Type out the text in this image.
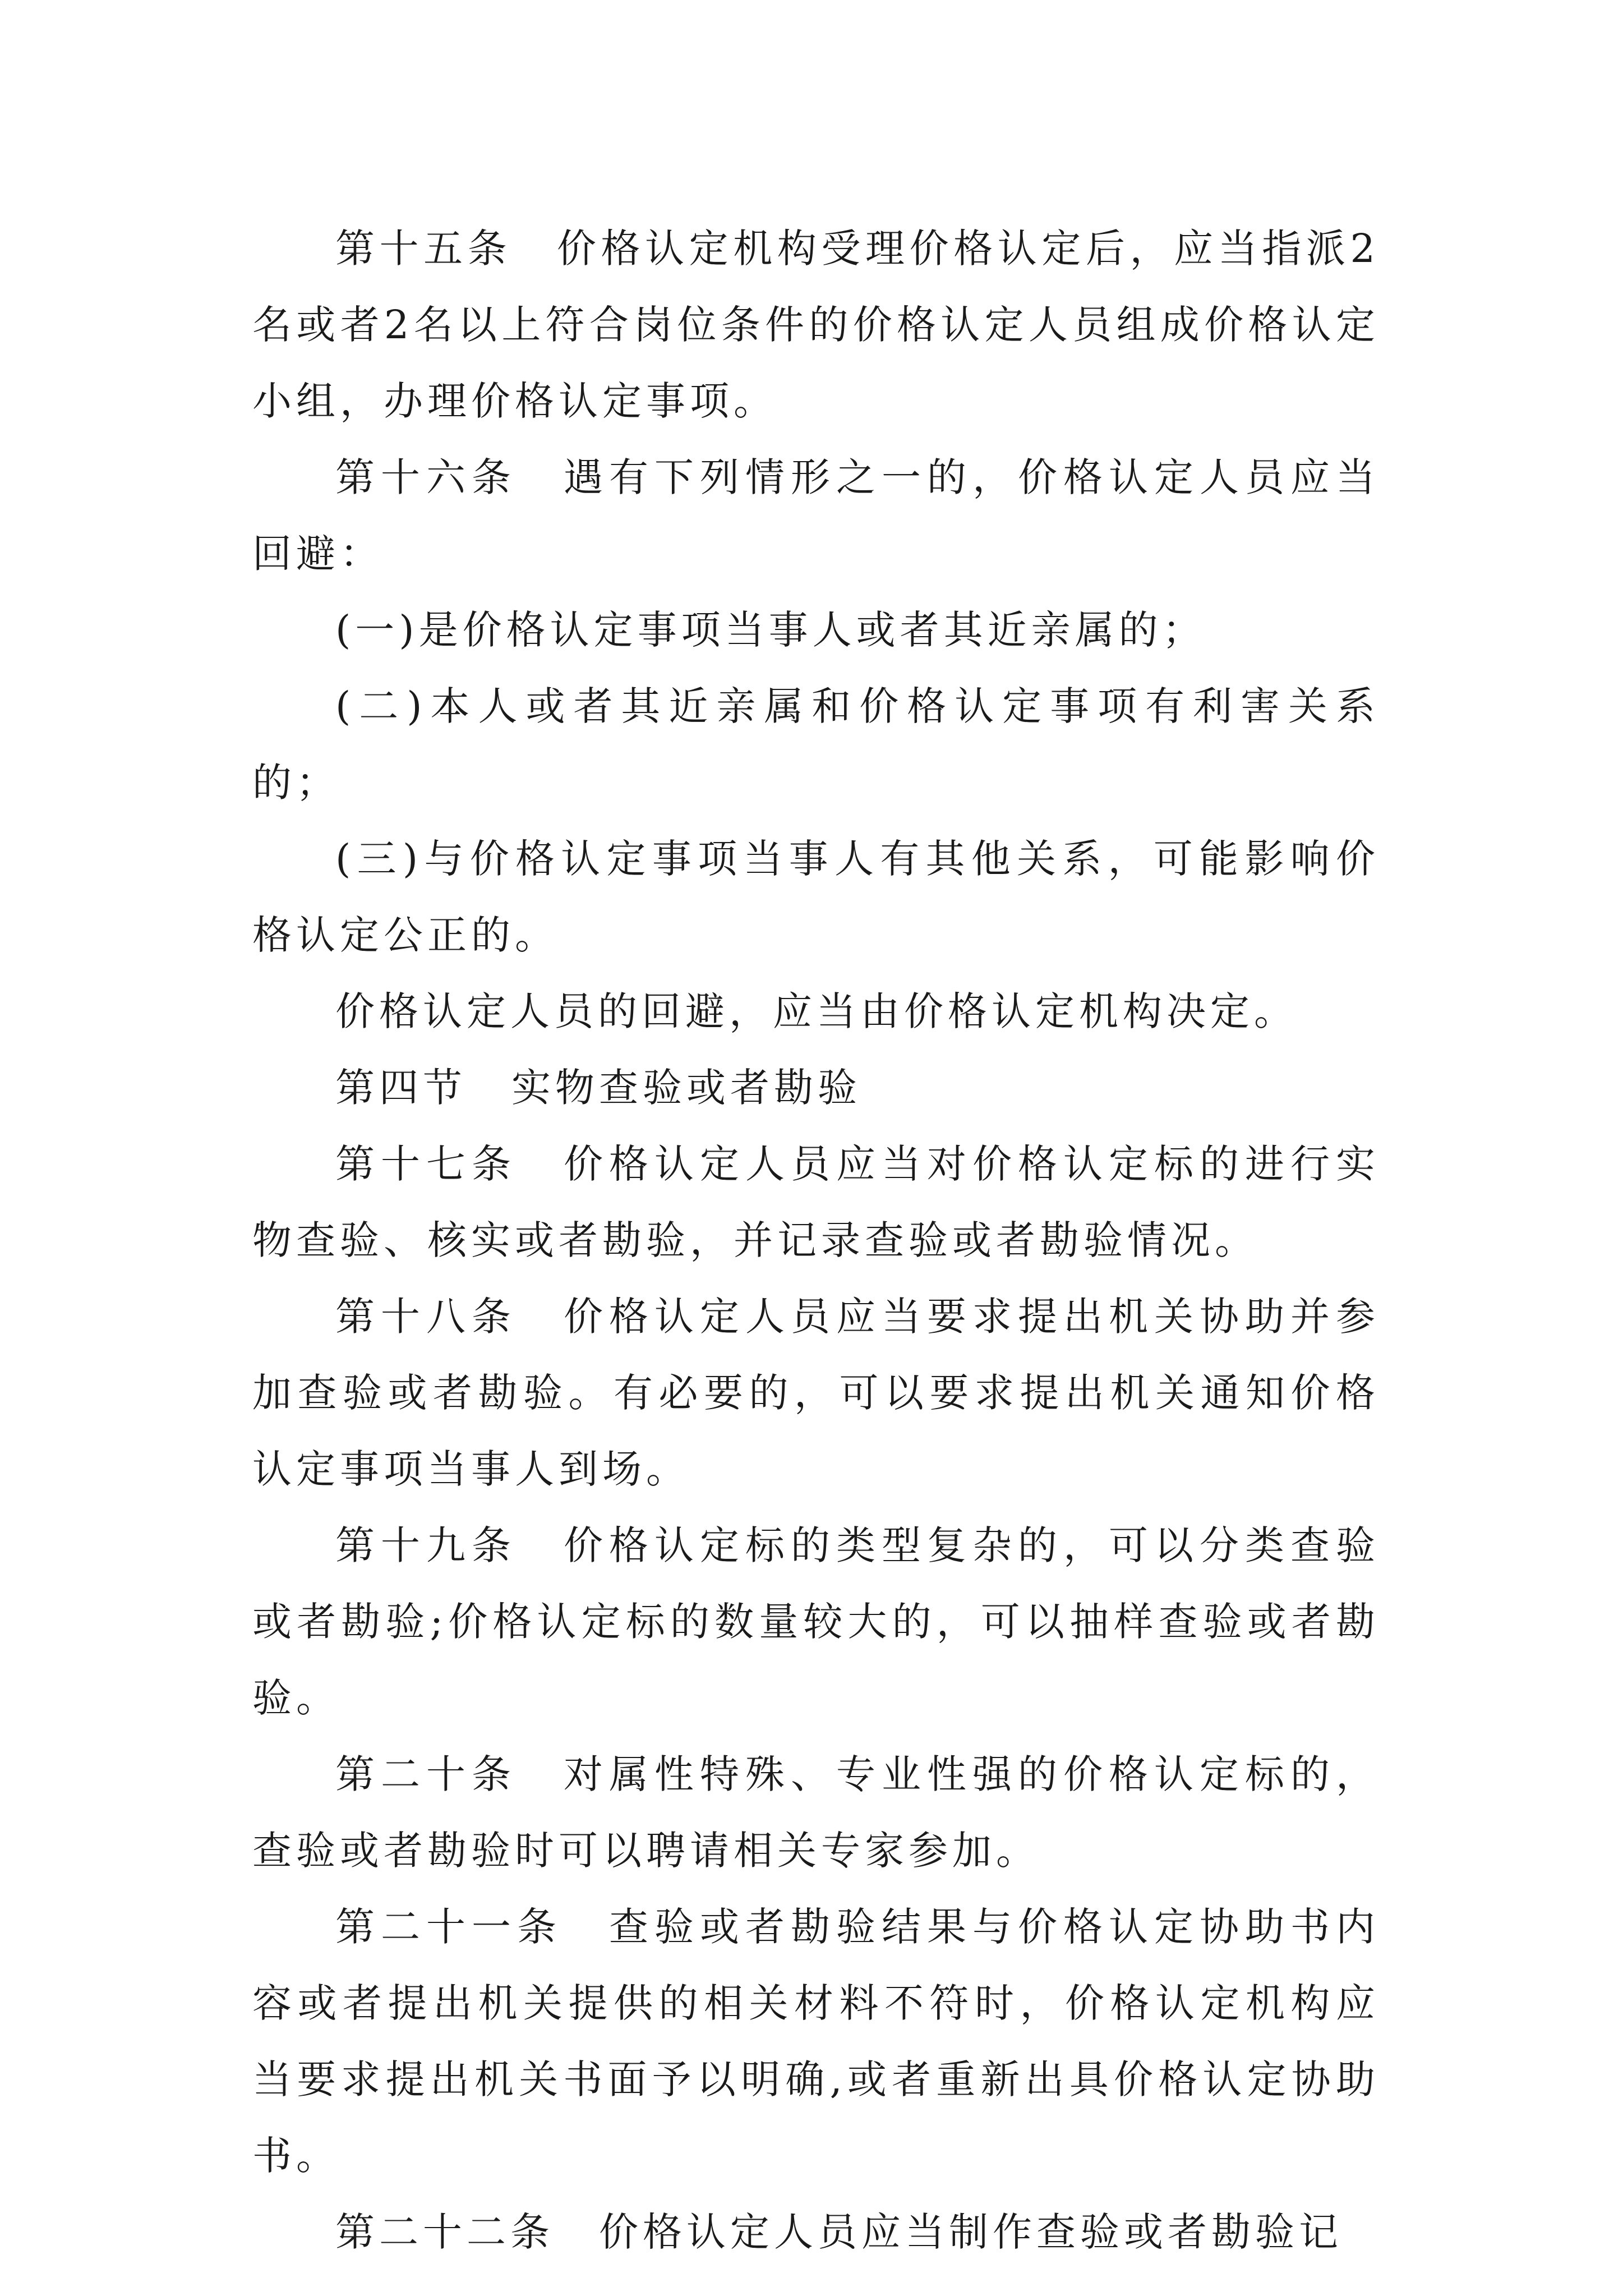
第十五条 价格认定机构受理价格认定后，应当指派2名或者2名以上符合岗位条件的价格认定人员组成价格认定小组，办理价格认定事项。

第十六条 遇有下列情形之一的，价格认定人员应当回避：

(一)是价格认定事项当事人或者其近亲属的；

(二)本人或者其近亲属和价格认定事项有利害关系的；

(三)与价格认定事项当事人有其他关系，可能影响价格认定公正的。

价格认定人员的回避，应当由价格认定机构决定。

第四节 实物查验或者勘验

第十七条 价格认定人员应当对价格认定标的进行实物查验、核实或者勘验，并记录查验或者勘验情况。

第十八条 价格认定人员应当要求提出机关协助并参加查验或者勘验。有必要的，可以要求提出机关通知价格认定事项当事人到场。

第十九条 价格认定标的类型复杂的，可以分类查验或者勘验;价格认定标的数量较大的，可以抽样查验或者勘验。

第二十条 对属性特殊、专业性强的价格认定标的，查验或者勘验时可以聘请相关专家参加。

第二十一条 查验或者勘验结果与价格认定协助书内容或者提出机关提供的相关材料不符时，价格认定机构应当要求提出机关书面予以明确,或者重新出具价格认定协助书。

第二十二条 价格认定人员应当制作查验或者勘验记
